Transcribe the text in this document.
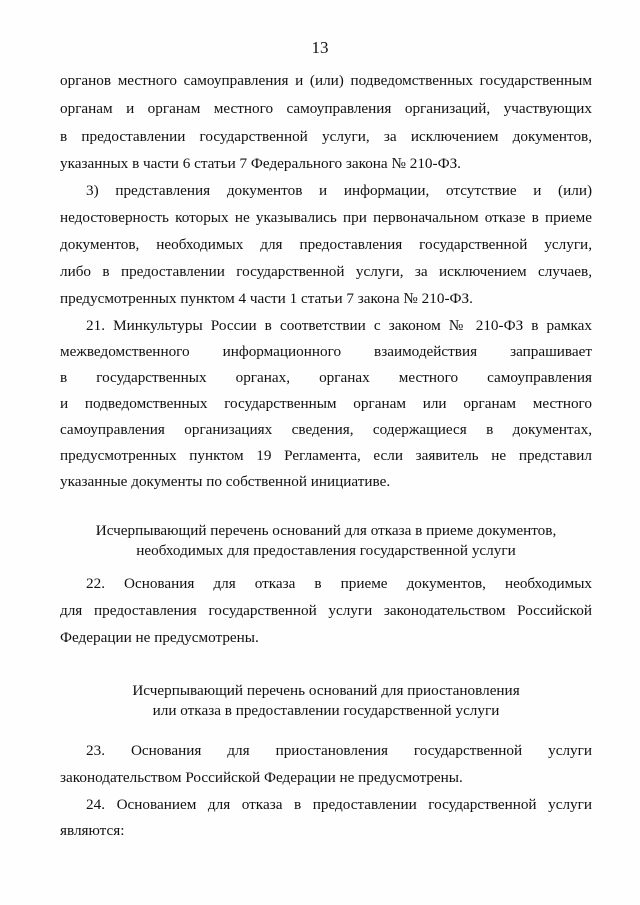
13
органов местного самоуправления и (или) подведомственных государственным
органам и органам местного самоуправления организаций, участвующих
в предоставлении государственной услуги, за исключением документов,
указанных в части 6 статьи 7 Федерального закона № 210-ФЗ.
3) представления документов и информации, отсутствие и (или)
недостоверность которых не указывались при первоначальном отказе в приеме
документов, необходимых для предоставления государственной услуги,
либо в предоставлении государственной услуги, за исключением случаев,
предусмотренных пунктом 4 части 1 статьи 7 закона № 210-ФЗ.
21. Минкультуры России в соответствии с законом № 210-ФЗ в рамках
межведомственного информационного взаимодействия запрашивает
в государственных органах, органах местного самоуправления
и подведомственных государственным органам или органам местного
самоуправления организациях сведения, содержащиеся в документах,
предусмотренных пунктом 19 Регламента, если заявитель не представил
указанные документы по собственной инициативе.
Исчерпывающий перечень оснований для отказа в приеме документов,
необходимых для предоставления государственной услуги
22. Основания для отказа в приеме документов, необходимых
для предоставления государственной услуги законодательством Российской
Федерации не предусмотрены.
Исчерпывающий перечень оснований для приостановления
или отказа в предоставлении государственной услуги
23. Основания для приостановления государственной услуги
законодательством Российской Федерации не предусмотрены.
24. Основанием для отказа в предоставлении государственной услуги
являются:
